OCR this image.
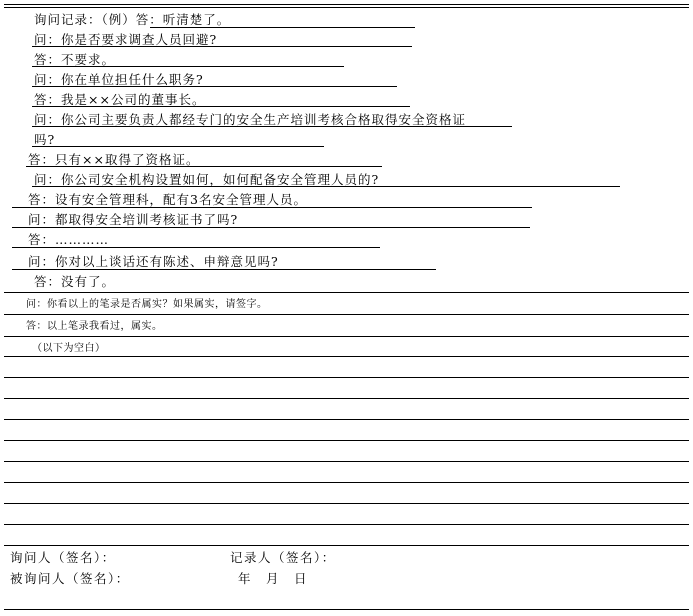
询问记录：（例）答：听清楚了。
问：你是否要求调查人员回避?
答：不要求。
问：你在单位担任什么职务?
答：我是××公司的董事长。
问：你公司主要负责人都经专门的安全生产培训考核合格取得安全资格证
吗?
答：只有××取得了资格证。
问：你公司安全机构设置如何，如何配备安全管理人员的?
答：设有安全管理科，配有3名安全管理人员。
问：都取得安全培训考核证书了吗?
答：…………
问：你对以上谈话还有陈述、申辩意见吗?
答：没有了。
问：你看以上的笔录是否属实？如果属实，请签字。
答：以上笔录我看过，属实。
（以下为空白）
询问人（签名）：	记录人（签名）：
被询问人（签名）：	年　月　日
